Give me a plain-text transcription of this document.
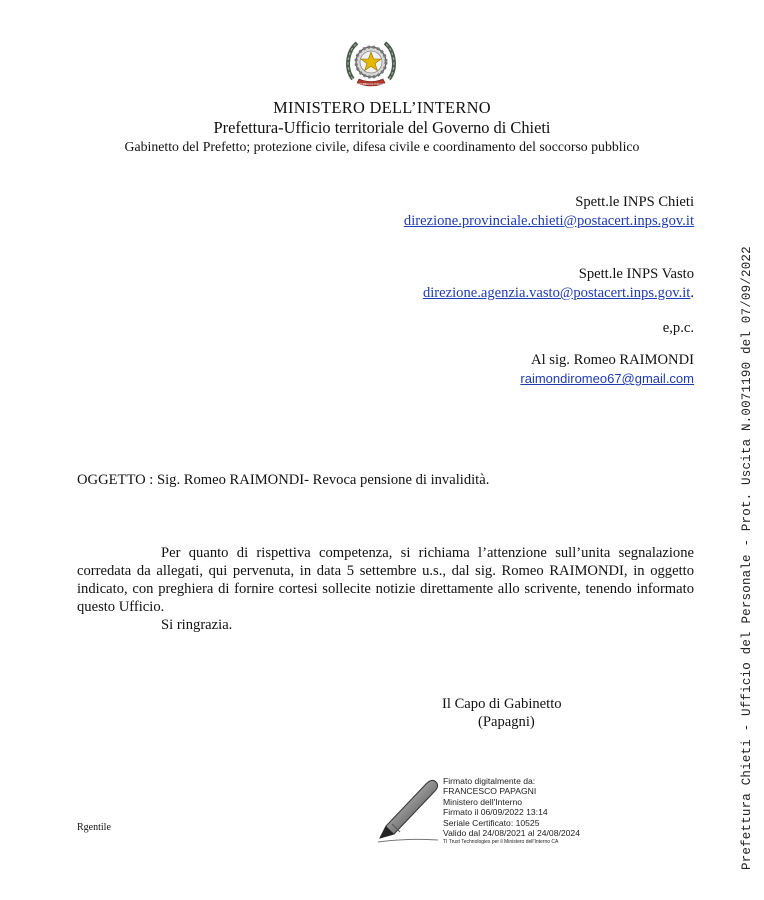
REPVBBLICA ITALIANA
MINISTERO DELL’INTERNO
Prefettura-Ufficio territoriale del Governo di Chieti
Gabinetto del Prefetto; protezione civile, difesa civile e coordinamento del soccorso pubblico
Spett.le INPS Chieti
direzione.provinciale.chieti@postacert.inps.gov.it
Spett.le INPS Vasto
direzione.agenzia.vasto@postacert.inps.gov.it.
e,p.c.
Al sig. Romeo RAIMONDI
raimondiromeo67@gmail.com
OGGETTO : Sig. Romeo RAIMONDI- Revoca pensione di invalidità.
Per quanto di rispettiva competenza, si richiama l’attenzione sull’unita segnalazione corredata da allegati, qui pervenuta, in data 5 settembre u.s., dal sig. Romeo RAIMONDI, in oggetto indicato, con preghiera di fornire cortesi sollecite notizie direttamente allo scrivente, tenendo informato questo Ufficio.
Si ringrazia.
Il Capo di Gabinetto
(Papagni)
Firmato digitalmente da:
FRANCESCO PAPAGNI
Ministero dell'Interno
Firmato il 06/09/2022 13:14
Seriale Certificato: 10525
Valido dal 24/08/2021 al 24/08/2024
TI Trust Technologies per il Ministero dell'Interno CA
Rgentile	Prefettura Chieti - Ufficio del Personale - Prot. Uscita N.0071190 del 07/09/2022
